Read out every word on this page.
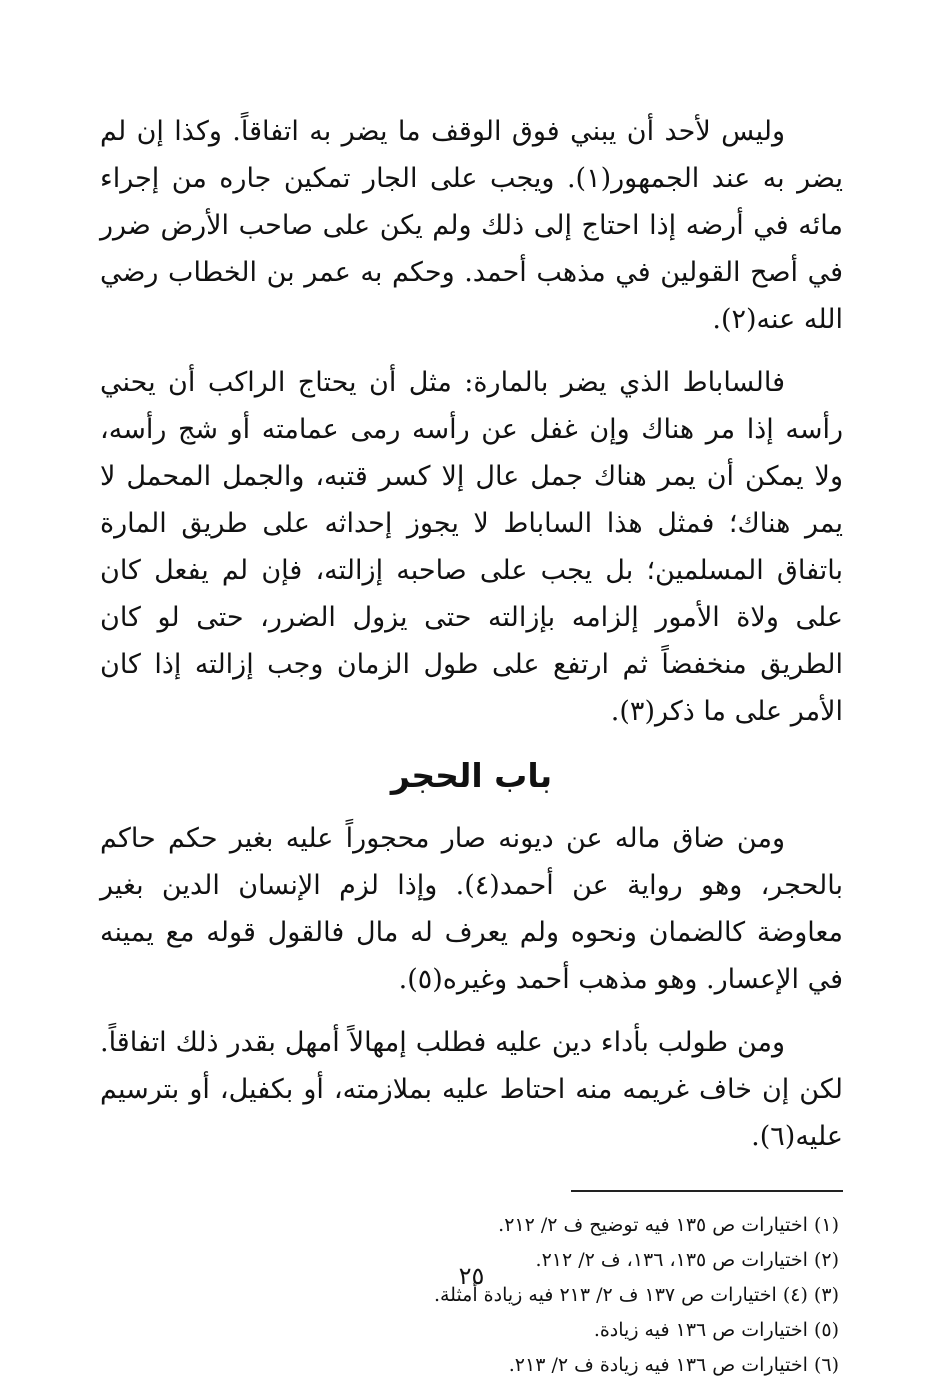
وليس لأحد أن يبني فوق الوقف ما يضر به اتفاقاً. وكذا إن لم يضر به عند الجمهور(١). ويجب على الجار تمكين جاره من إجراء مائه في أرضه إذا احتاج إلى ذلك ولم يكن على صاحب الأرض ضرر في أصح القولين في مذهب أحمد. وحكم به عمر بن الخطاب رضي الله عنه(٢).

فالساباط الذي يضر بالمارة: مثل أن يحتاج الراكب أن يحني رأسه إذا مر هناك وإن غفل عن رأسه رمى عمامته أو شج رأسه، ولا يمكن أن يمر هناك جمل عال إلا كسر قتبه، والجمل المحمل لا يمر هناك؛ فمثل هذا الساباط لا يجوز إحداثه على طريق المارة باتفاق المسلمين؛ بل يجب على صاحبه إزالته، فإن لم يفعل كان على ولاة الأمور إلزامه بإزالته حتى يزول الضرر، حتى لو كان الطريق منخفضاً ثم ارتفع على طول الزمان وجب إزالته إذا كان الأمر على ما ذكر(٣).

باب الحجر

ومن ضاق ماله عن ديونه صار محجوراً عليه بغير حكم حاكم بالحجر، وهو رواية عن أحمد(٤). وإذا لزم الإنسان الدين بغير معاوضة كالضمان ونحوه ولم يعرف له مال فالقول قوله مع يمينه في الإعسار. وهو مذهب أحمد وغيره(٥).

ومن طولب بأداء دين عليه فطلب إمهالاً أمهل بقدر ذلك اتفاقاً. لكن إن خاف غريمه منه احتاط عليه بملازمته، أو بكفيل، أو بترسيم عليه(٦).

(١) اختيارات ص ١٣٥ فيه توضيح ف ٢/ ٢١٢.
(٢) اختيارات ص ١٣٥، ١٣٦، ف ٢/ ٢١٢.
(٣) (٤) اختيارات ص ١٣٧ ف ٢/ ٢١٣ فيه زيادة أمثلة.
(٥) اختيارات ص ١٣٦ فيه زيادة.
(٦) اختيارات ص ١٣٦ فيه زيادة ف ٢/ ٢١٣.
٢٥
